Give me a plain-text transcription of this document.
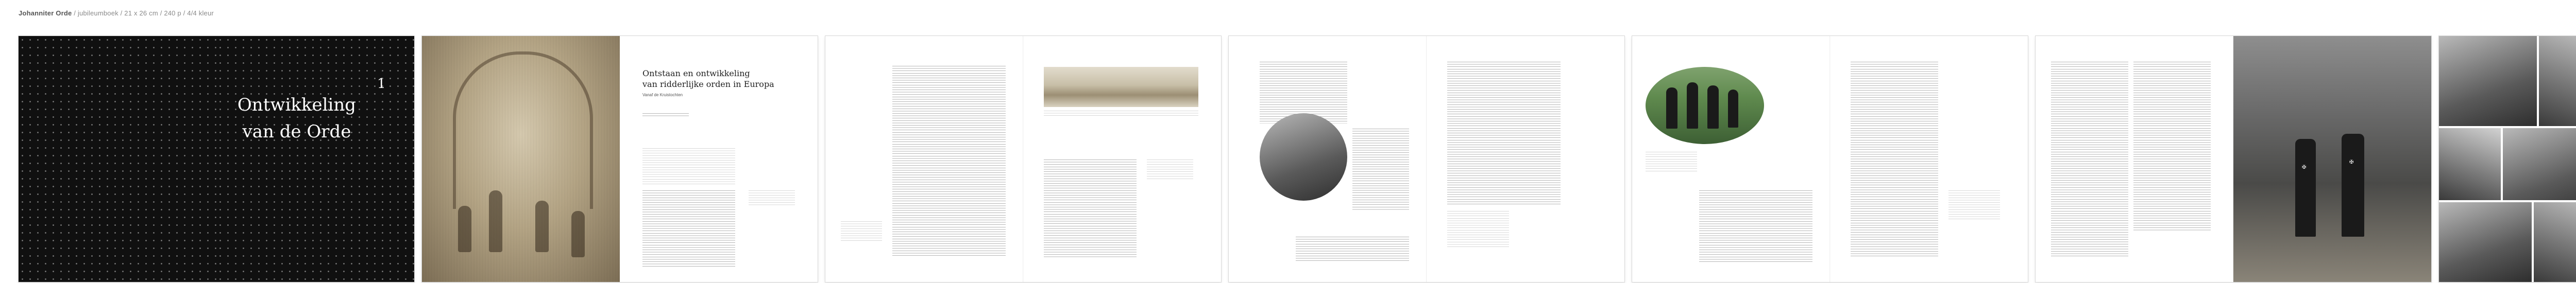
Johanniter Orde / jubileumboek / 21 x 26 cm / 240 p / 4/4 kleur
Ontwikkeling
van de Orde
1
Ontstaan en ontwikkeling
van ridderlijke orden in Europa
Vanaf de Kruistochten
✠
✠
